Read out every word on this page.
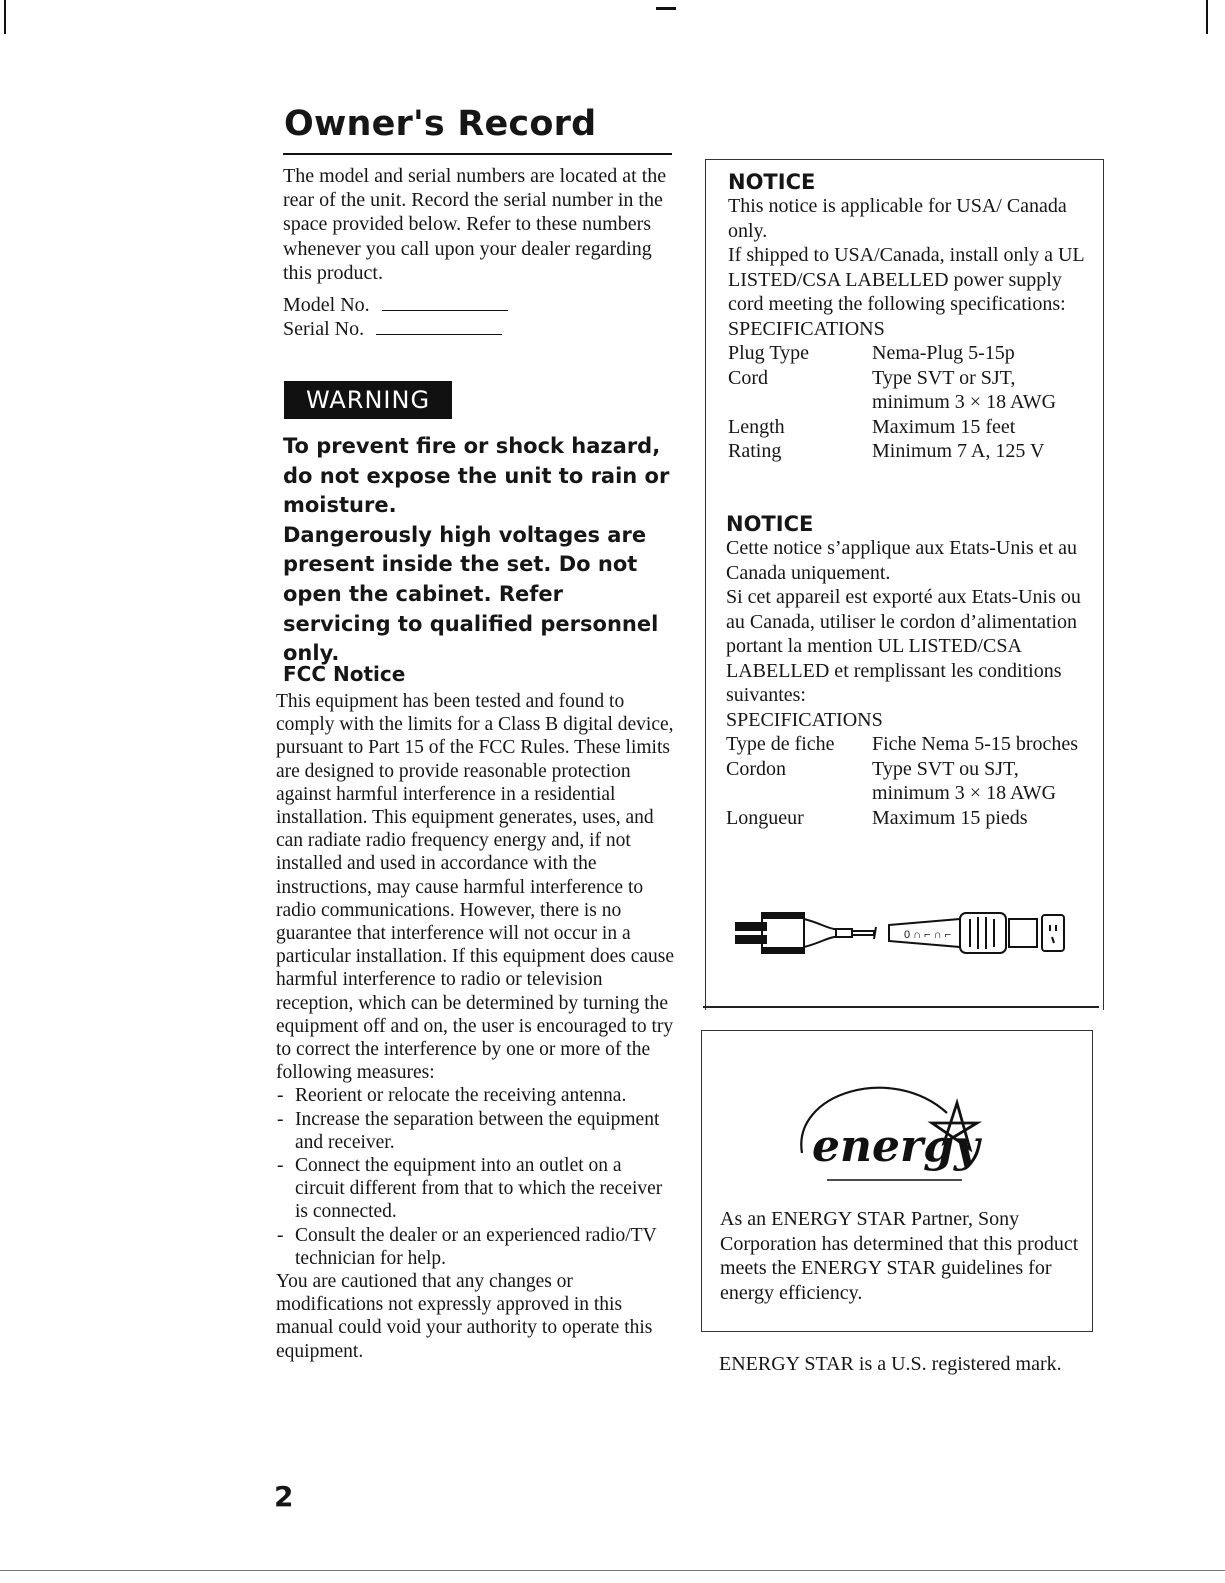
Owner's Record
The model and serial numbers are located at the rear of the unit. Record the serial number in the space provided below. Refer to these numbers whenever you call upon your dealer regarding this product.
Model No.
Serial No.
WARNING
To prevent fire or shock hazard, do not expose the unit to rain or moisture.
Dangerously high voltages are present inside the set. Do not open the cabinet. Refer servicing to qualified personnel only.
FCC Notice

This equipment has been tested and found to comply with the limits for a Class B digital device, pursuant to Part 15 of the FCC Rules. These limits are designed to provide reasonable protection against harmful interference in a residential installation. This equipment generates, uses, and can radiate radio frequency energy and, if not installed and used in accordance with the instructions, may cause harmful interference to radio communications. However, there is no guarantee that interference will not occur in a particular installation. If this equipment does cause harmful interference to radio or television reception, which can be determined by turning the equipment off and on, the user is encouraged to try to correct the interference by one or more of the following measures:

- Reorient or relocate the receiving antenna.
- Increase the separation between the equipment and receiver.
- Connect the equipment into an outlet on a circuit different from that to which the receiver is connected.
- Consult the dealer or an experienced radio/TV technician for help.

You are cautioned that any changes or modifications not expressly approved in this manual could void your authority to operate this equipment.

2
NOTICE
This notice is applicable for USA/ Canada only.
If shipped to USA/Canada, install only a UL LISTED/CSA LABELLED power supply cord meeting the following specifications:
SPECIFICATIONS
Plug Type	Nema-Plug 5-15p
Cord	Type SVT or SJT, minimum 3 × 18 AWG
Length	Maximum 15 feet
Rating	Minimum 7 A, 125 V
NOTICE
Cette notice s’applique aux Etats-Unis et au Canada uniquement.
Si cet appareil est exporté aux Etats-Unis ou au Canada, utiliser le cordon d’alimentation portant la mention UL LISTED/CSA LABELLED et remplissant les conditions suivantes:
SPECIFICATIONS
Type de fiche	Fiche Nema 5-15 broches
Cordon	Type SVT ou SJT, minimum 3 × 18 AWG
Longueur	Maximum 15 pieds
0 ∩ ⌐ ∩ ⌐
energy
As an ENERGY STAR Partner, Sony Corporation has determined that this product meets the ENERGY STAR guidelines for energy efficiency.
ENERGY STAR is a U.S. registered mark.
